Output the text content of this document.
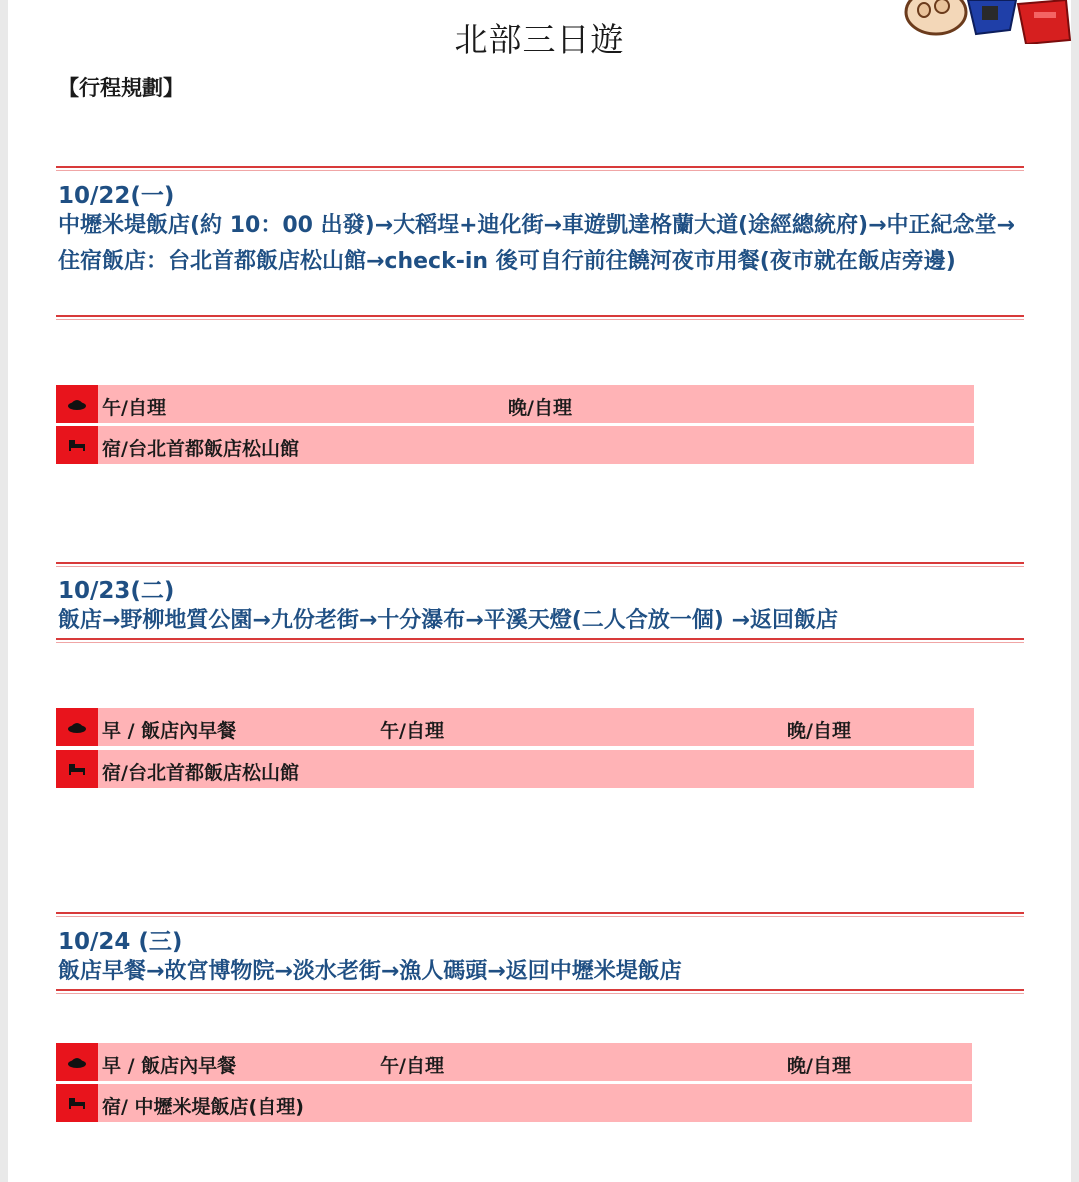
北部三日遊
【行程規劃】
10/22(一)
中壢米堤飯店(約 10：00 出發)→大稻埕+迪化街→車遊凱達格蘭大道(途經總統府)→中正紀念堂→住宿飯店：台北首都飯店松山館→check-in 後可自行前往饒河夜市用餐(夜市就在飯店旁邊)
午/自理	晚/自理
宿/台北首都飯店松山館
10/23(二)
飯店→野柳地質公園→九份老街→十分瀑布→平溪天燈(二人合放一個) →返回飯店
早 / 飯店內早餐	午/自理	晚/自理
宿/台北首都飯店松山館
10/24 (三)
飯店早餐→故宮博物院→淡水老街→漁人碼頭→返回中壢米堤飯店
早 / 飯店內早餐	午/自理	晚/自理
宿/ 中壢米堤飯店(自理)
